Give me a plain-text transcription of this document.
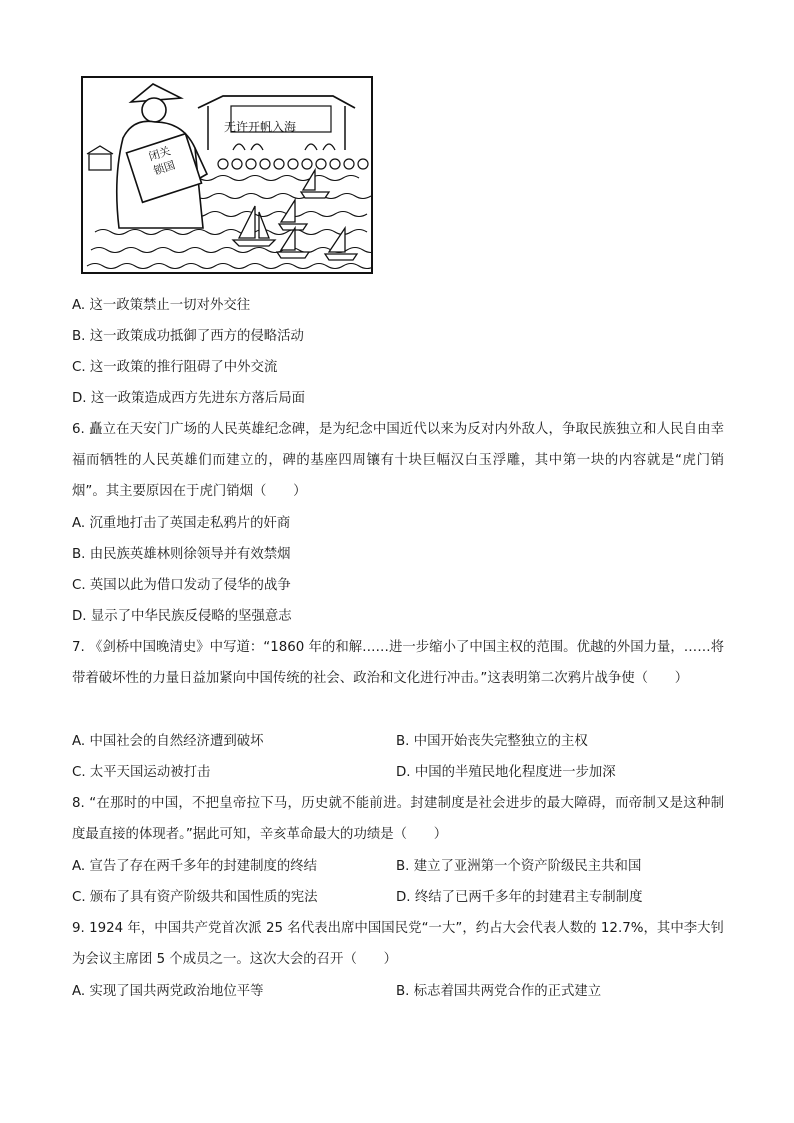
无许开帆入海
闭关
锁国
A. 这一政策禁止一切对外交往
B. 这一政策成功抵御了西方的侵略活动
C. 这一政策的推行阻碍了中外交流
D. 这一政策造成西方先进东方落后局面
6. 矗立在天安门广场的人民英雄纪念碑，是为纪念中国近代以来为反对内外敌人，争取民族独立和人民自由幸福而牺牲的人民英雄们而建立的，碑的基座四周镶有十块巨幅汉白玉浮雕，其中第一块的内容就是“虎门销烟”。其主要原因在于虎门销烟（　　）
A. 沉重地打击了英国走私鸦片的奸商
B. 由民族英雄林则徐领导并有效禁烟
C. 英国以此为借口发动了侵华的战争
D. 显示了中华民族反侵略的坚强意志
7. 《剑桥中国晚清史》中写道：“1860 年的和解……进一步缩小了中国主权的范围。优越的外国力量，……将带着破坏性的力量日益加紧向中国传统的社会、政治和文化进行冲击。”这表明第二次鸦片战争使（　　）
A. 中国社会的自然经济遭到破坏	B. 中国开始丧失完整独立的主权
C. 太平天国运动被打击	D. 中国的半殖民地化程度进一步加深
8. “在那时的中国，不把皇帝拉下马，历史就不能前进。封建制度是社会进步的最大障碍，而帝制又是这种制度最直接的体现者。”据此可知，辛亥革命最大的功绩是（　　）
A. 宣告了存在两千多年的封建制度的终结	B. 建立了亚洲第一个资产阶级民主共和国
C. 颁布了具有资产阶级共和国性质的宪法	D. 终结了已两千多年的封建君主专制制度
9. 1924 年，中国共产党首次派 25 名代表出席中国国民党“一大”，约占大会代表人数的 12.7%，其中李大钊为会议主席团 5 个成员之一。这次大会的召开（　　）
A. 实现了国共两党政治地位平等	B. 标志着国共两党合作的正式建立
